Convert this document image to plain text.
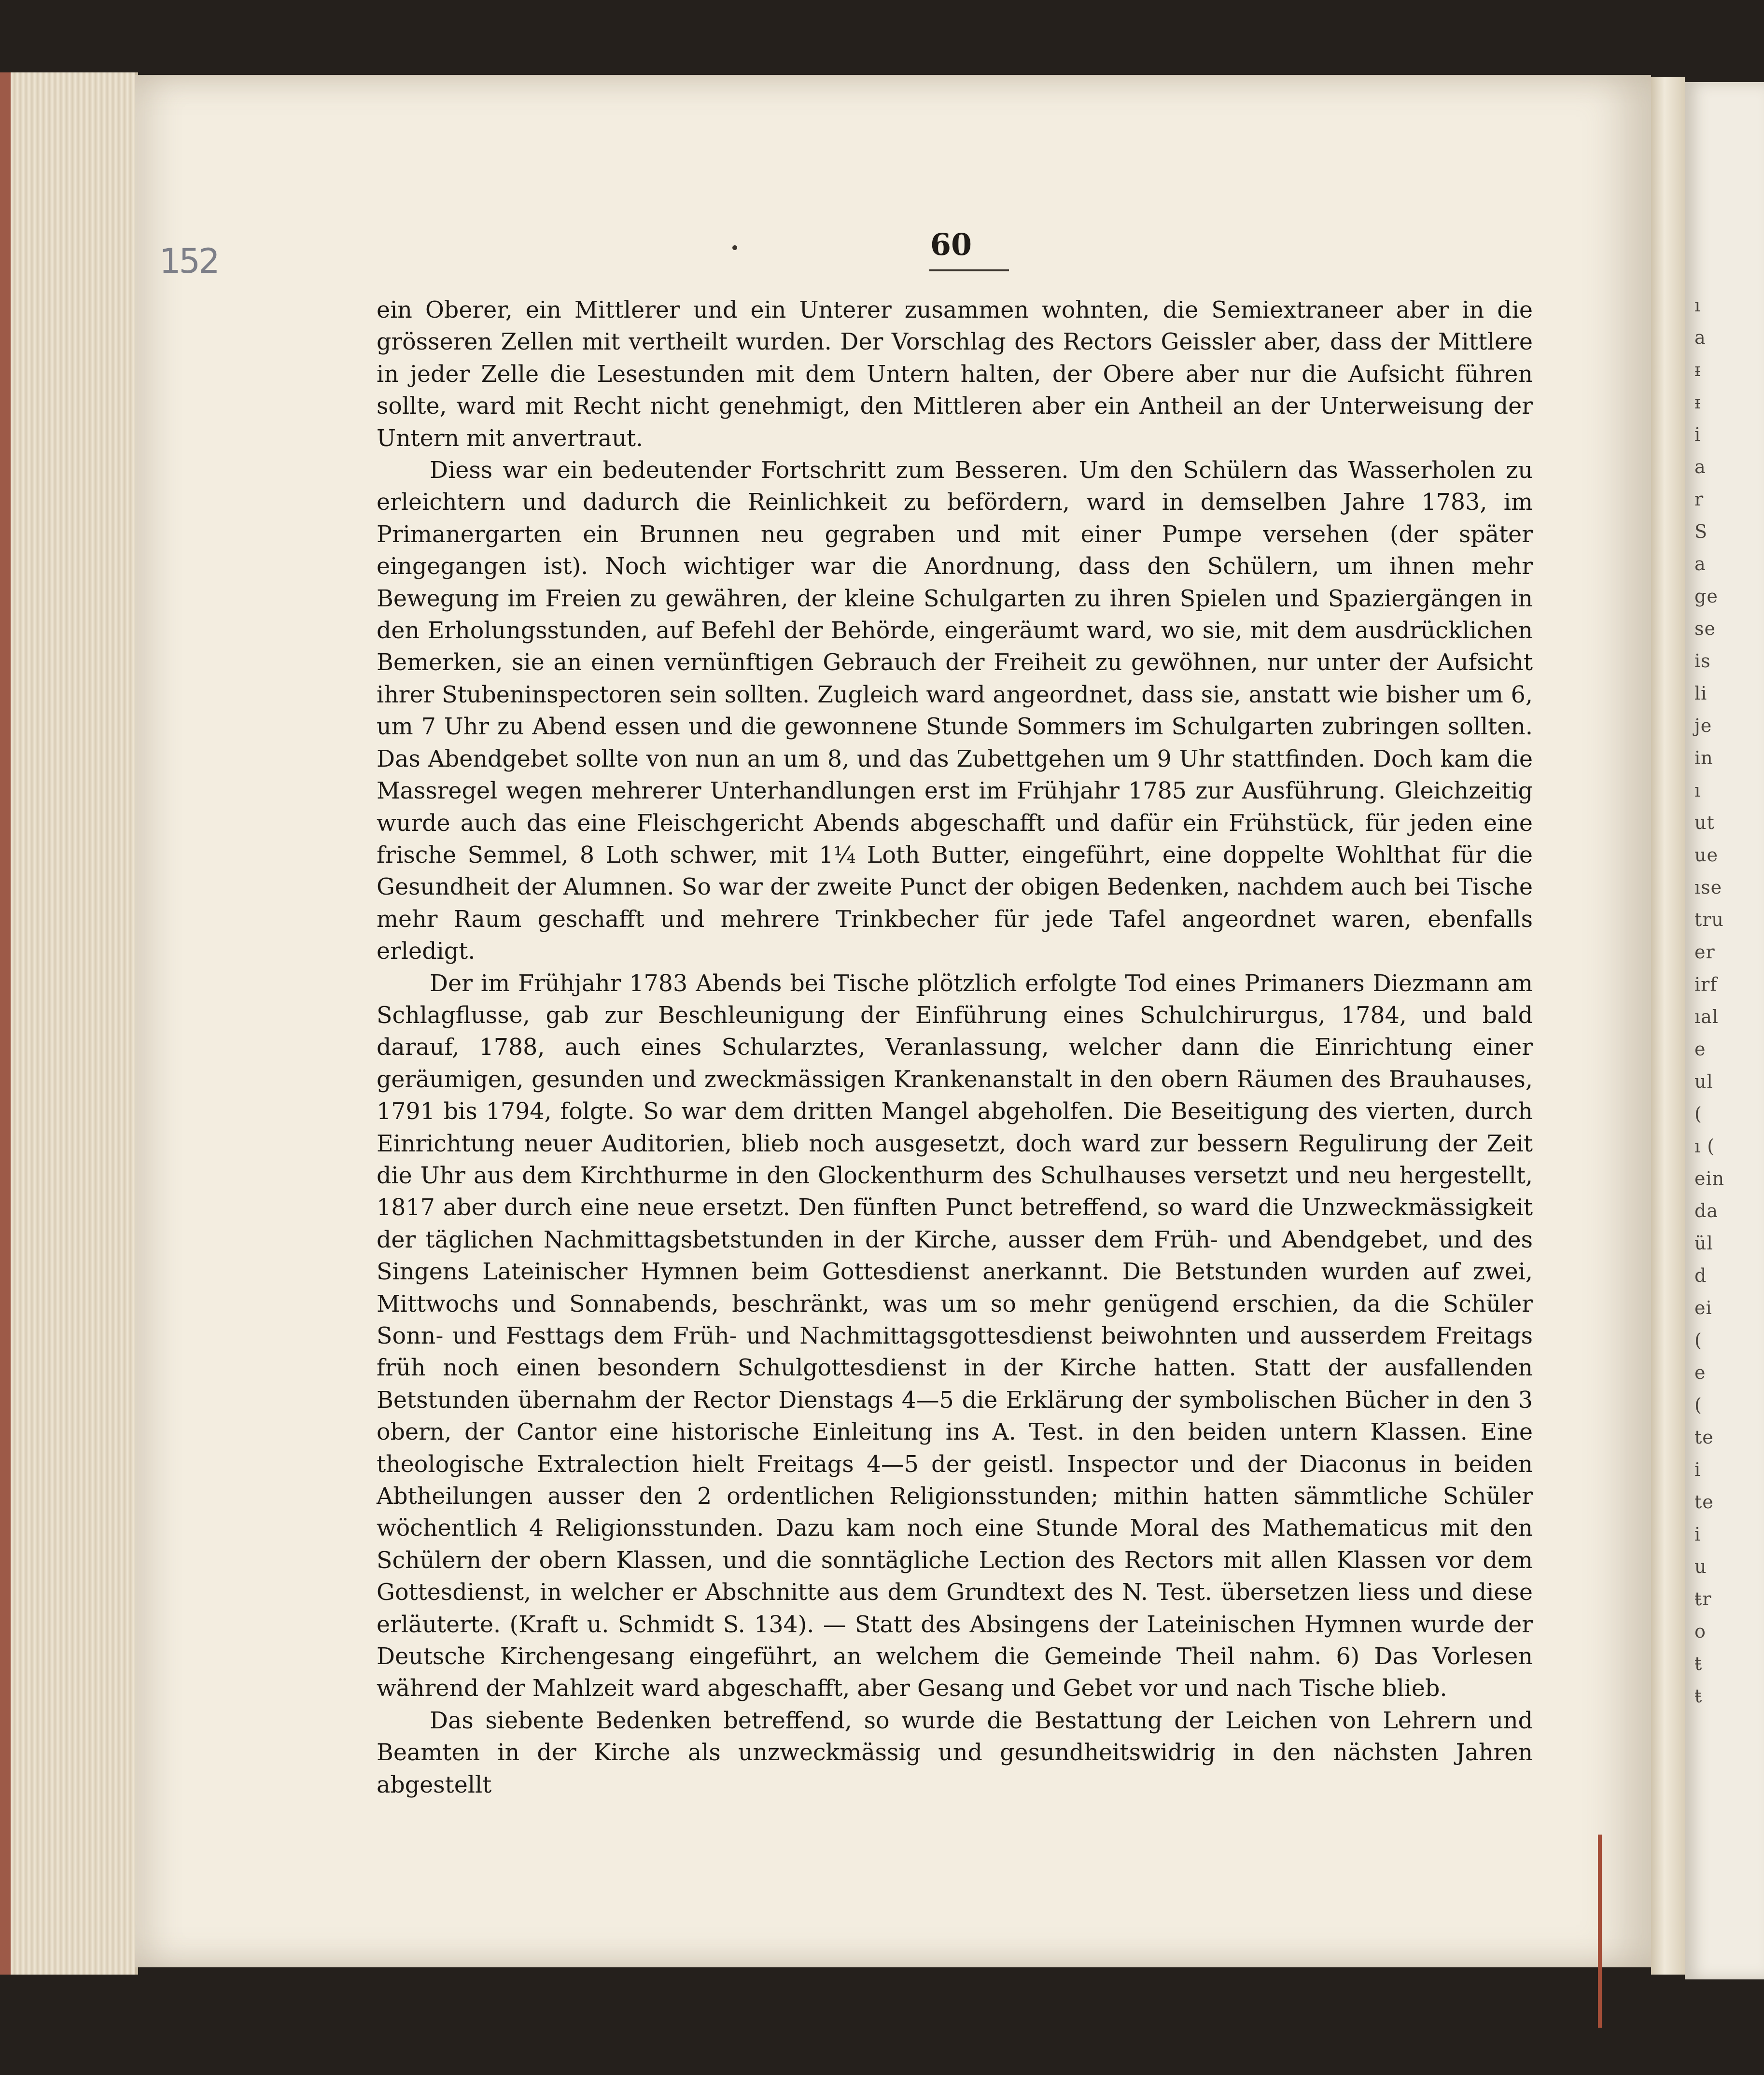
ı
a
ᵻ
ᵻ
i
a
r
S
a
ge
se
is
li
je
in
ı
ut
ue
ıse
tru
er
irf
ıal
e
ul
(
ı (
ein
da
ül
d
ei
(
e
(
te
i
te
i
u
ŧr
o
ŧ
ŧ
152	60

ein Oberer, ein Mittlerer und ein Unterer zusammen wohnten, die Semiextraneer aber in die grösseren Zellen mit vertheilt wurden. Der Vorschlag des Rectors Geissler aber, dass der Mittlere in jeder Zelle die Lesestunden mit dem Untern halten, der Obere aber nur die Aufsicht führen sollte, ward mit Recht nicht genehmigt, den Mittleren aber ein Antheil an der Unterweisung der Untern mit anvertraut.

Diess war ein bedeutender Fortschritt zum Besseren. Um den Schülern das Wasserholen zu erleichtern und dadurch die Reinlichkeit zu befördern, ward in demselben Jahre 1783, im Primanergarten ein Brunnen neu gegraben und mit einer Pumpe versehen (der später eingegangen ist). Noch wichtiger war die Anordnung, dass den Schülern, um ihnen mehr Bewegung im Freien zu gewähren, der kleine Schulgarten zu ihren Spielen und Spaziergängen in den Erholungsstunden, auf Befehl der Behörde, eingeräumt ward, wo sie, mit dem ausdrücklichen Bemerken, sie an einen vernünftigen Gebrauch der Freiheit zu gewöhnen, nur unter der Aufsicht ihrer Stubeninspectoren sein sollten. Zugleich ward angeordnet, dass sie, anstatt wie bisher um 6, um 7 Uhr zu Abend essen und die gewonnene Stunde Sommers im Schulgarten zubringen sollten. Das Abendgebet sollte von nun an um 8, und das Zubettgehen um 9 Uhr stattfinden. Doch kam die Massregel wegen mehrerer Unterhandlungen erst im Frühjahr 1785 zur Ausführung. Gleichzeitig wurde auch das eine Fleischgericht Abends abgeschafft und dafür ein Frühstück, für jeden eine frische Semmel, 8 Loth schwer, mit 1¼ Loth Butter, eingeführt, eine doppelte Wohlthat für die Gesundheit der Alumnen. So war der zweite Punct der obigen Bedenken, nachdem auch bei Tische mehr Raum geschafft und mehrere Trinkbecher für jede Tafel angeordnet waren, ebenfalls erledigt.

Der im Frühjahr 1783 Abends bei Tische plötzlich erfolgte Tod eines Primaners Diezmann am Schlagflusse, gab zur Beschleunigung der Einführung eines Schulchirurgus, 1784, und bald darauf, 1788, auch eines Schularztes, Veranlassung, welcher dann die Einrichtung einer geräumigen, gesunden und zweckmässigen Krankenanstalt in den obern Räumen des Brauhauses, 1791 bis 1794, folgte. So war dem dritten Mangel abgeholfen. Die Beseitigung des vierten, durch Einrichtung neuer Auditorien, blieb noch ausgesetzt, doch ward zur bessern Regulirung der Zeit die Uhr aus dem Kirchthurme in den Glockenthurm des Schulhauses versetzt und neu hergestellt, 1817 aber durch eine neue ersetzt. Den fünften Punct betreffend, so ward die Unzweckmässigkeit der täglichen Nachmittagsbetstunden in der Kirche, ausser dem Früh- und Abendgebet, und des Singens Lateinischer Hymnen beim Gottesdienst anerkannt. Die Betstunden wurden auf zwei, Mittwochs und Sonnabends, beschränkt, was um so mehr genügend erschien, da die Schüler Sonn- und Festtags dem Früh- und Nachmittagsgottesdienst beiwohnten und ausserdem Freitags früh noch einen besondern Schulgottesdienst in der Kirche hatten. Statt der ausfallenden Betstunden übernahm der Rector Dienstags 4—5 die Erklärung der symbolischen Bücher in den 3 obern, der Cantor eine historische Einleitung ins A. Test. in den beiden untern Klassen. Eine theologische Extralection hielt Freitags 4—5 der geistl. Inspector und der Diaconus in beiden Abtheilungen ausser den 2 ordentlichen Religionsstunden; mithin hatten sämmtliche Schüler wöchentlich 4 Religionsstunden. Dazu kam noch eine Stunde Moral des Mathematicus mit den Schülern der obern Klassen, und die sonntägliche Lection des Rectors mit allen Klassen vor dem Gottesdienst, in welcher er Abschnitte aus dem Grundtext des N. Test. übersetzen liess und diese erläuterte. (Kraft u. Schmidt S. 134). — Statt des Absingens der Lateinischen Hymnen wurde der Deutsche Kirchengesang eingeführt, an welchem die Gemeinde Theil nahm. 6) Das Vorlesen während der Mahlzeit ward abgeschafft, aber Gesang und Gebet vor und nach Tische blieb.

Das siebente Bedenken betreffend, so wurde die Bestattung der Leichen von Lehrern und Beamten in der Kirche als unzweckmässig und gesundheitswidrig in den nächsten Jahren abgestellt
